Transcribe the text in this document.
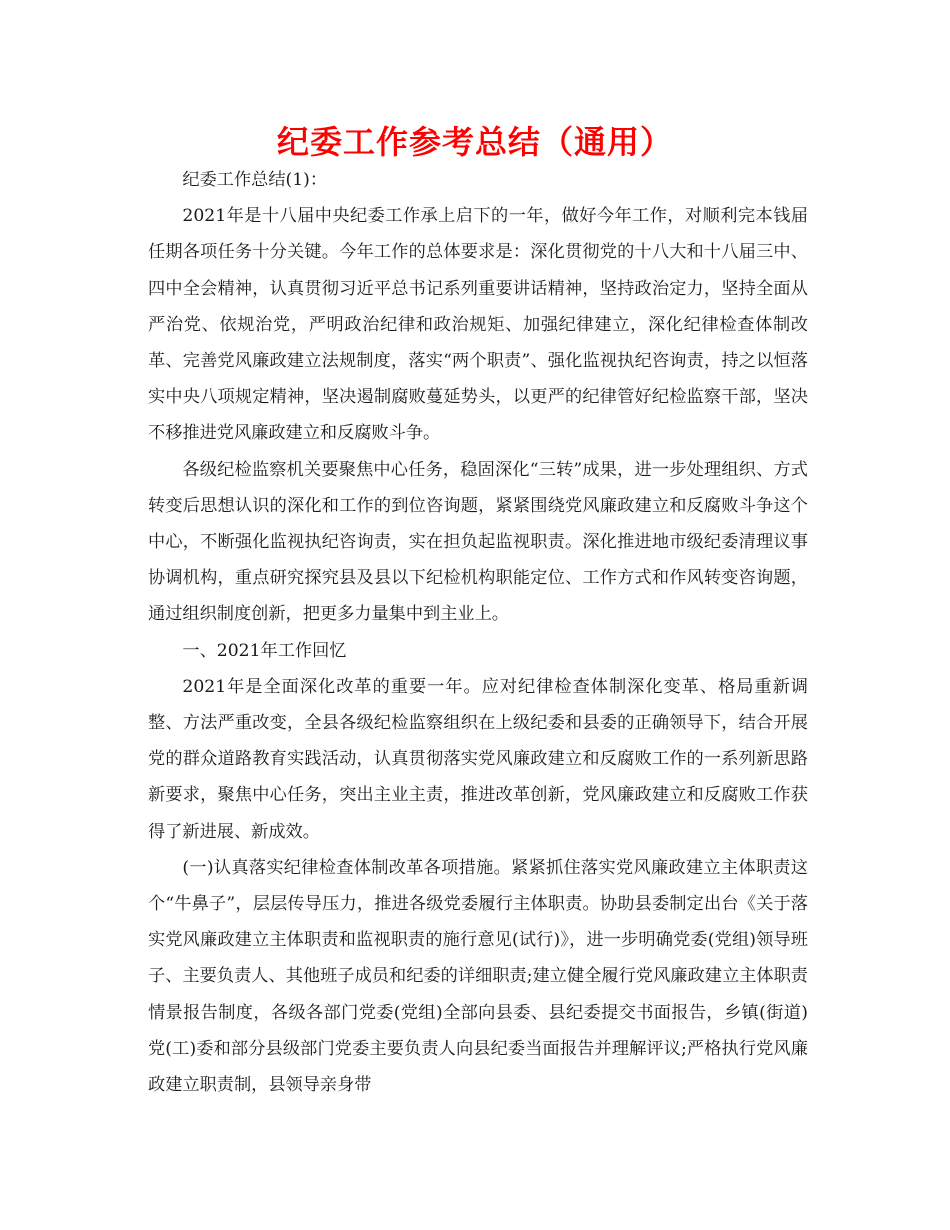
纪委工作参考总结（通用）

纪委工作总结(1)：

2021年是十八届中央纪委工作承上启下的一年，做好今年工作，对顺利完本钱届任期各项任务十分关键。今年工作的总体要求是：深化贯彻党的十八大和十八届三中、四中全会精神，认真贯彻习近平总书记系列重要讲话精神，坚持政治定力，坚持全面从严治党、依规治党，严明政治纪律和政治规矩、加强纪律建立，深化纪律检查体制改革、完善党风廉政建立法规制度，落实“两个职责”、强化监视执纪咨询责，持之以恒落实中央八项规定精神，坚决遏制腐败蔓延势头，以更严的纪律管好纪检监察干部，坚决不移推进党风廉政建立和反腐败斗争。

各级纪检监察机关要聚焦中心任务，稳固深化“三转”成果，进一步处理组织、方式转变后思想认识的深化和工作的到位咨询题，紧紧围绕党风廉政建立和反腐败斗争这个中心，不断强化监视执纪咨询责，实在担负起监视职责。深化推进地市级纪委清理议事协调机构，重点研究探究县及县以下纪检机构职能定位、工作方式和作风转变咨询题，通过组织制度创新，把更多力量集中到主业上。

一、2021年工作回忆

2021年是全面深化改革的重要一年。应对纪律检查体制深化变革、格局重新调整、方法严重改变，全县各级纪检监察组织在上级纪委和县委的正确领导下，结合开展党的群众道路教育实践活动，认真贯彻落实党风廉政建立和反腐败工作的一系列新思路新要求，聚焦中心任务，突出主业主责，推进改革创新，党风廉政建立和反腐败工作获得了新进展、新成效。

(一)认真落实纪律检查体制改革各项措施。紧紧抓住落实党风廉政建立主体职责这个“牛鼻子”，层层传导压力，推进各级党委履行主体职责。协助县委制定出台《关于落实党风廉政建立主体职责和监视职责的施行意见(试行)》，进一步明确党委(党组)领导班子、主要负责人、其他班子成员和纪委的详细职责;建立健全履行党风廉政建立主体职责情景报告制度，各级各部门党委(党组)全部向县委、县纪委提交书面报告，乡镇(街道)党(工)委和部分县级部门党委主要负责人向县纪委当面报告并理解评议;严格执行党风廉政建立职责制，县领导亲身带
